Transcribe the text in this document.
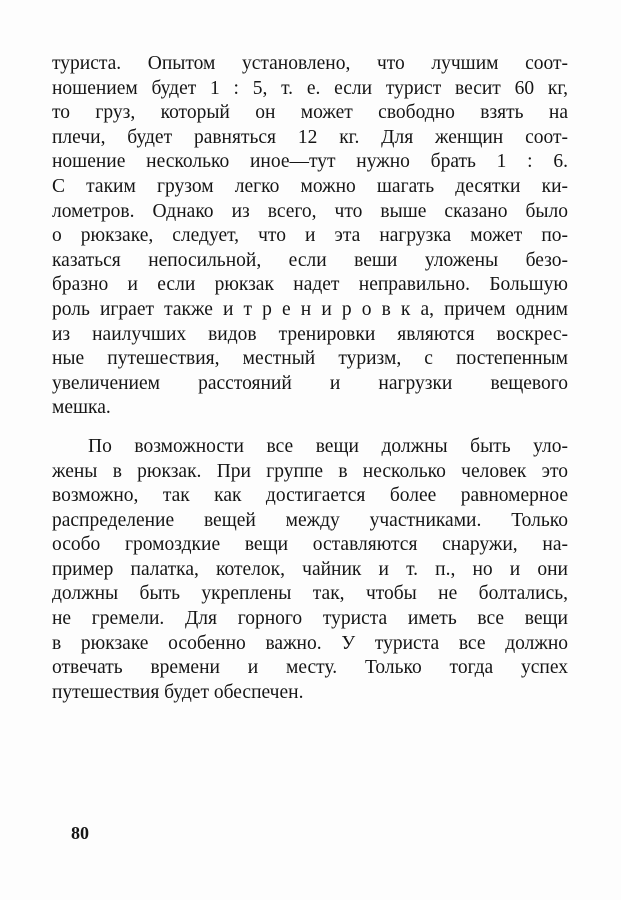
туриста. Опытом установлено, что лучшим соот-
ношением будет 1 : 5, т. е. если турист весит 60 кг,
то груз, который он может свободно взять на
плечи, будет равняться 12 кг. Для женщин соот-
ношение несколько иное—тут нужно брать 1 : 6.
С таким грузом легко можно шагать десятки ки-
лометров. Однако из всего, что выше сказано было
о рюкзаке, следует, что и эта нагрузка может по-
казаться непосильной, если веши уложены безо-
бразно и если рюкзак надет неправильно. Большую
роль играет также и т р е н и р о в к а, причем одним
из наилучших видов тренировки являются воскрес-
ные путешествия, местный туризм, с постепенным
увеличением расстояний и нагрузки вещевого
мешка.
По возможности все вещи должны быть уло-
жены в рюкзак. При группе в несколько человек это
возможно, так как достигается более равномерное
распределение вещей между участниками. Только
особо громоздкие вещи оставляются снаружи, на-
пример палатка, котелок, чайник и т. п., но и они
должны быть укреплены так, чтобы не болтались,
не гремели. Для горного туриста иметь все вещи
в рюкзаке особенно важно. У туриста все должно
отвечать времени и месту. Только тогда успех
путешествия будет обеспечен.
80
